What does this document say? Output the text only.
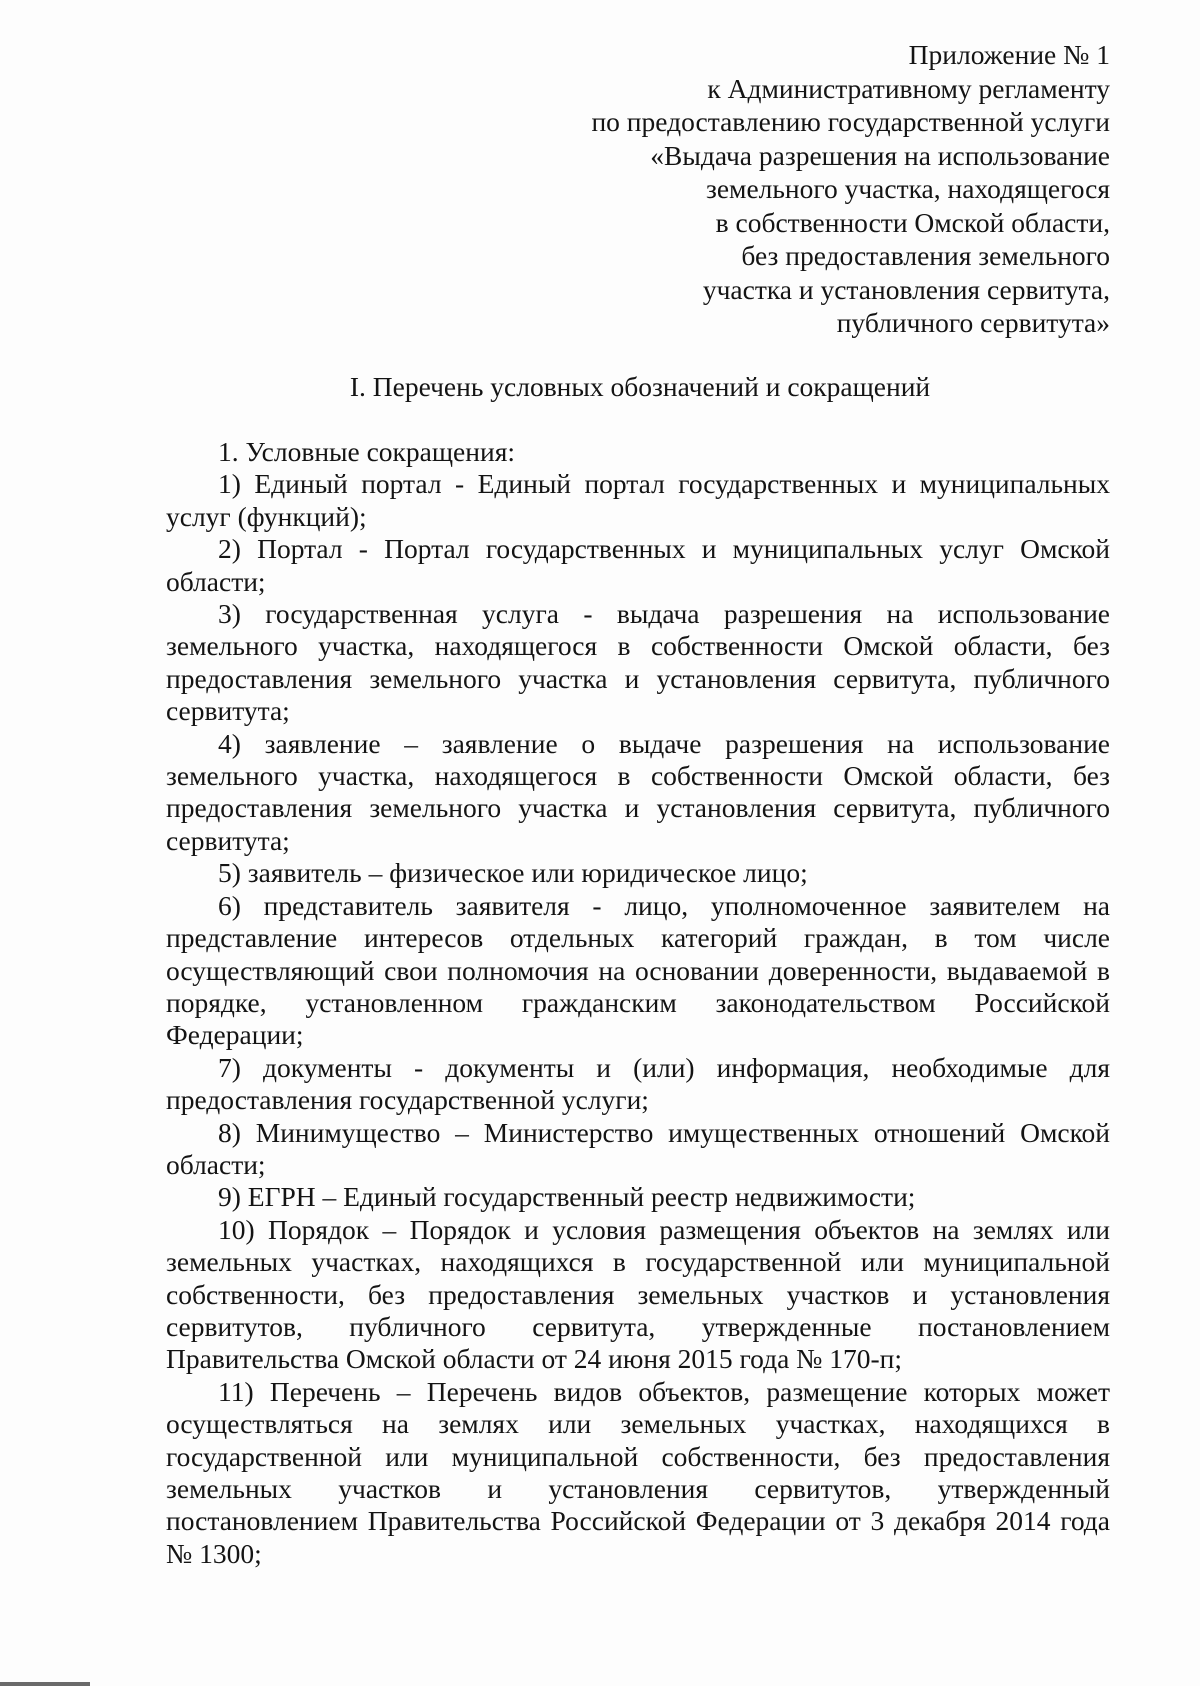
Приложение № 1
к Административному регламенту
по предоставлению государственной услуги
«Выдача разрешения на использование
земельного участка, находящегося
в собственности Омской области,
без предоставления земельного
участка и установления сервитута,
публичного сервитута»
I. Перечень условных обозначений и сокращений

1. Условные сокращения:

1) Единый портал - Единый портал государственных и муниципальных услуг (функций);

2) Портал - Портал государственных и муниципальных услуг Омской области;

3) государственная услуга - выдача разрешения на использование земельного участка, находящегося в собственности Омской области, без предоставления земельного участка и установления сервитута, публичного сервитута;

4) заявление – заявление о выдаче разрешения на использование земельного участка, находящегося в собственности Омской области, без предоставления земельного участка и установления сервитута, публичного сервитута;

5) заявитель – физическое или юридическое лицо;

6) представитель заявителя - лицо, уполномоченное заявителем на представление интересов отдельных категорий граждан, в том числе осуществляющий свои полномочия на основании доверенности, выдаваемой в порядке, установленном гражданским законодательством Российской Федерации;

7) документы - документы и (или) информация, необходимые для предоставления государственной услуги;

8) Минимущество – Министерство имущественных отношений Омской области;

9) ЕГРН – Единый государственный реестр недвижимости;

10) Порядок – Порядок и условия размещения объектов на землях или земельных участках, находящихся в государственной или муниципальной собственности, без предоставления земельных участков и установления сервитутов, публичного сервитута, утвержденные постановлением Правительства Омской области от 24 июня 2015 года № 170-п;

11) Перечень – Перечень видов объектов, размещение которых может осуществляться на землях или земельных участках, находящихся в государственной или муниципальной собственности, без предоставления земельных участков и установления сервитутов, утвержденный постановлением Правительства Российской Федерации от 3 декабря 2014 года № 1300;
